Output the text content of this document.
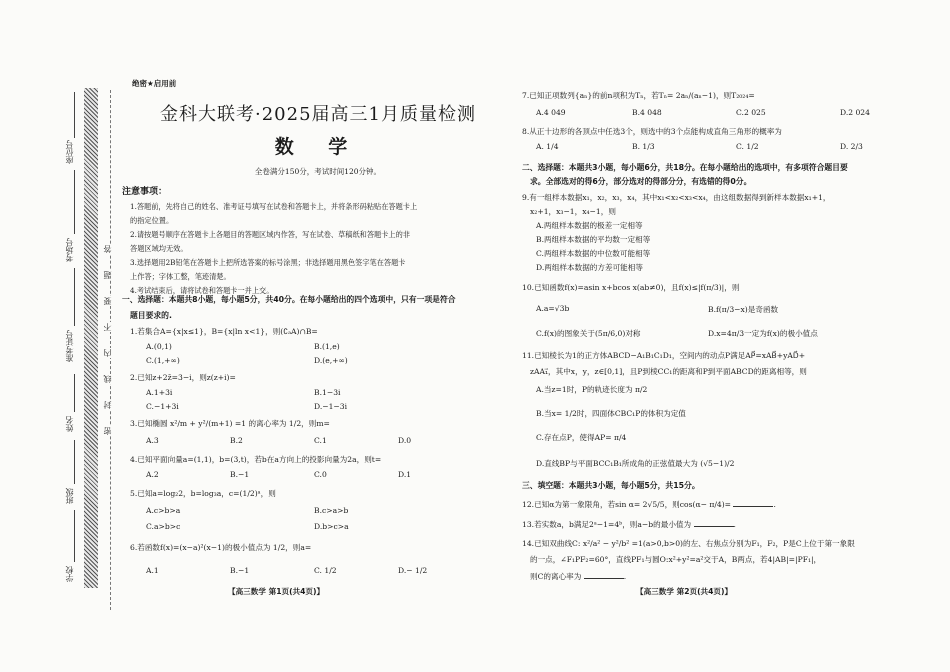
座位号
考场号
准考证号
姓名
班级
学校
答
题
要
不
内
线
封
密
绝密★启用前
金科大联考·2025届高三1月质量检测
数 学
全卷满分150分，考试时间120分钟。
注意事项：
1.答题前，先将自己的姓名、准考证号填写在试卷和答题卡上，并将条形码粘贴在答题卡上
的指定位置。
2.请按题号顺序在答题卡上各题目的答题区域内作答，写在试卷、草稿纸和答题卡上的非
答题区域均无效。
3.选择题用2B铅笔在答题卡上把所选答案的标号涂黑；非选择题用黑色签字笔在答题卡
上作答；字体工整，笔迹清楚。
4.考试结束后，请将试卷和答题卡一并上交。
一、选择题：本题共8小题，每小题5分，共40分。在每小题给出的四个选项中，只有一项是符合
题目要求的.
1.若集合A={x|x≤1}，B={x|ln x<1}，则(∁ₐA)∩B=
A.(0,1)	B.(1,e)
C.(1,+∞)	D.(e,+∞)
2.已知z+2z̄=3−i，则z(z+i)=
A.1+3i	B.1−3i
C.−1+3i	D.−1−3i
3.已知椭圆 x²/m + y²/(m+1) =1 的离心率为 1/2，则m=
A.3	B.2	C.1	D.0
4.已知平面向量a=(1,1)，b=(3,t)，若b在a方向上的投影向量为2a，则t=
A.2	B.−1	C.0	D.1
5.已知a=log₂2，b=log₃a，c=(1/2)ᵃ，则
A.c>b>a	B.c>a>b
C.a>b>c	D.b>c>a
6.若函数f(x)=(x−a)²(x−1)的极小值点为 1/2，则a=
A.1	B.−1	C. 1/2	D.− 1/2
【高三数学 第1页(共4页)】
7.已知正项数列{aₙ}的前n项积为Tₙ，若Tₙ= 2aₙ/(aₙ−1)，则T₂₀₂₄=
A.4 049	B.4 048	C.2 025	D.2 024
8.从正十边形的各顶点中任选3个，则选中的3个点能构成直角三角形的概率为
A. 1/4	B. 1/3	C. 1/2	D. 2/3
二、选择题：本题共3小题，每小题6分，共18分。在每小题给出的选项中，有多项符合题目要
求。全部选对的得6分，部分选对的得部分分，有选错的得0分。
9.有一组样本数据x₁，x₂，x₃，x₄，其中x₁<x₂<x₃<x₄，由这组数据得到新样本数据x₁+1，
x₂+1，x₃−1，x₄−1，则
A.两组样本数据的极差一定相等
B.两组样本数据的平均数一定相等
C.两组样本数据的中位数可能相等
D.两组样本数据的方差可能相等
10.已知函数f(x)=asin x+bcos x(ab≠0)，且f(x)≤|f(π/3)|，则
A.a=√3b	B.f(π/3−x)是奇函数
C.f(x)的图象关于(5π/6,0)对称	D.x=4π/3一定为f(x)的极小值点
11.已知棱长为1的正方体ABCD−A₁B₁C₁D₁，空间内的动点P满足AP⃗=xAB⃗+yAD⃗+
zAA₁⃗，其中x，y，z∈[0,1]，且P到棱CC₁的距离和P到平面ABCD的距离相等，则
A.当z=1时，P的轨迹长度为 π/2
B.当x= 1/2时，四面体CBC₁P的体积为定值
C.存在点P，使得AP= π/4
D.直线BP与平面BCC₁B₁所成角的正弦值最大为 (√5−1)/2
三、填空题：本题共3小题，每小题5分，共15分。
12.已知α为第一象限角，若sin α= 2√5/5，则cos(α− π/4)=	.
13.若实数a，b满足2ᵃ−1=4ᵇ，则a−b的最小值为	.
14.已知双曲线C: x²/a² − y²/b² =1(a>0,b>0)的左、右焦点分别为F₁，F₂，P是C上位于第一象限
的一点，∠F₁PF₂=60°，直线PF₁与圆O:x²+y²=a²交于A，B两点，若4|AB|=|PF₁|，
则C的离心率为	.
【高三数学 第2页(共4页)】
